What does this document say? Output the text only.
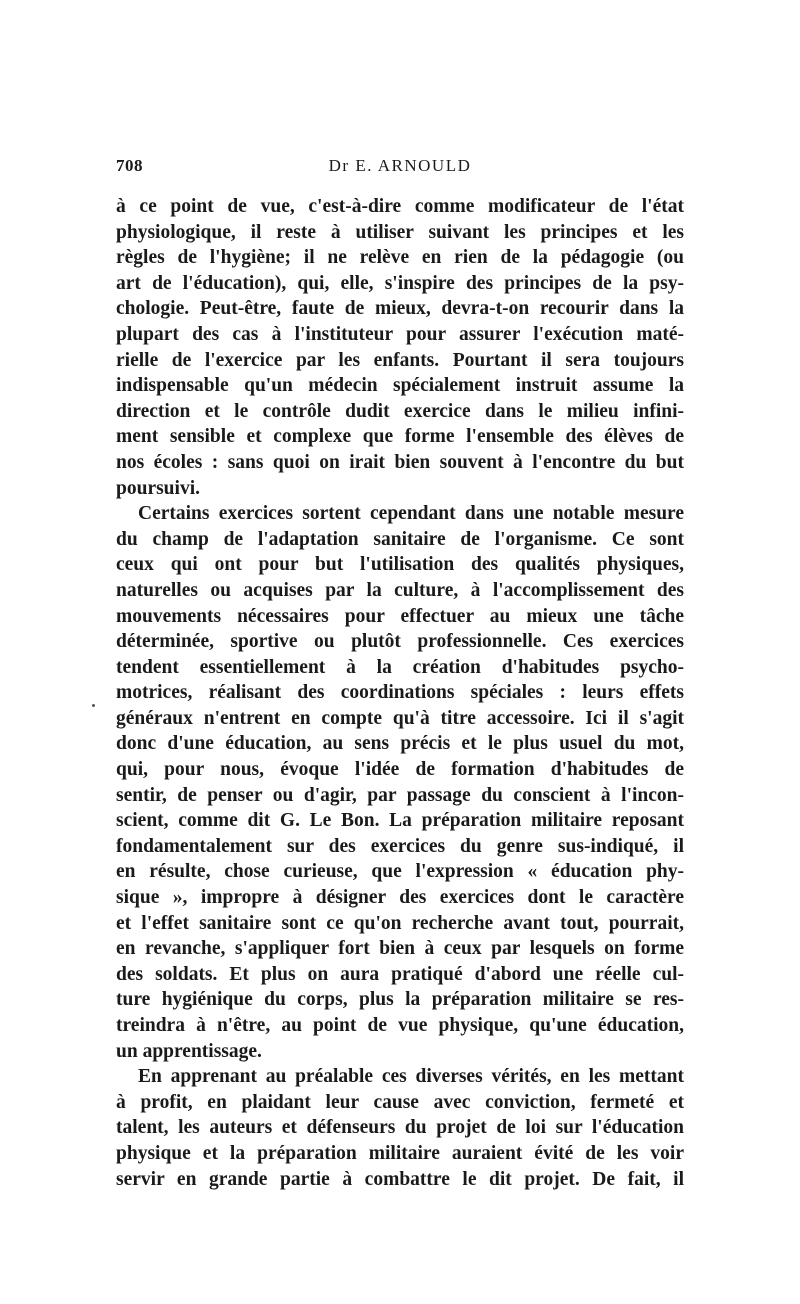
708	Dr E. ARNOULD
à ce point de vue, c'est-à-dire comme modificateur de l'état
physiologique, il reste à utiliser suivant les principes et les
règles de l'hygiène; il ne relève en rien de la pédagogie (ou
art de l'éducation), qui, elle, s'inspire des principes de la psy-
chologie. Peut-être, faute de mieux, devra-t-on recourir dans la
plupart des cas à l'instituteur pour assurer l'exécution maté-
rielle de l'exercice par les enfants. Pourtant il sera toujours
indispensable qu'un médecin spécialement instruit assume la
direction et le contrôle dudit exercice dans le milieu infini-
ment sensible et complexe que forme l'ensemble des élèves de
nos écoles : sans quoi on irait bien souvent à l'encontre du but
poursuivi.
Certains exercices sortent cependant dans une notable mesure
du champ de l'adaptation sanitaire de l'organisme. Ce sont
ceux qui ont pour but l'utilisation des qualités physiques,
naturelles ou acquises par la culture, à l'accomplissement des
mouvements nécessaires pour effectuer au mieux une tâche
déterminée, sportive ou plutôt professionnelle. Ces exercices
tendent essentiellement à la création d'habitudes psycho-
motrices, réalisant des coordinations spéciales : leurs effets
généraux n'entrent en compte qu'à titre accessoire. Ici il s'agit
donc d'une éducation, au sens précis et le plus usuel du mot,
qui, pour nous, évoque l'idée de formation d'habitudes de
sentir, de penser ou d'agir, par passage du conscient à l'incon-
scient, comme dit G. Le Bon. La préparation militaire reposant
fondamentalement sur des exercices du genre sus-indiqué, il
en résulte, chose curieuse, que l'expression « éducation phy-
sique », impropre à désigner des exercices dont le caractère
et l'effet sanitaire sont ce qu'on recherche avant tout, pourrait,
en revanche, s'appliquer fort bien à ceux par lesquels on forme
des soldats. Et plus on aura pratiqué d'abord une réelle cul-
ture hygiénique du corps, plus la préparation militaire se res-
treindra à n'être, au point de vue physique, qu'une éducation,
un apprentissage.
En apprenant au préalable ces diverses vérités, en les mettant
à profit, en plaidant leur cause avec conviction, fermeté et
talent, les auteurs et défenseurs du projet de loi sur l'éducation
physique et la préparation militaire auraient évité de les voir
servir en grande partie à combattre le dit projet. De fait, il
